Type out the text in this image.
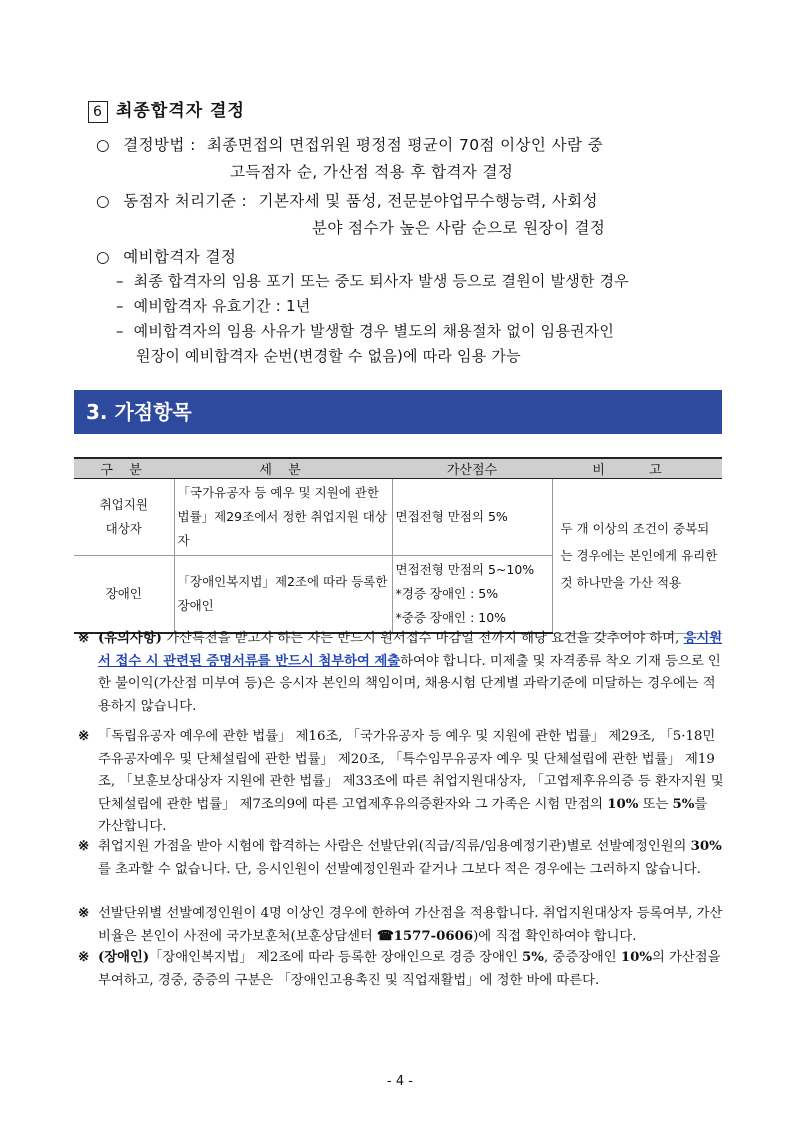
6 최종합격자 결정
○ 결정방법 : 최종면접의 면접위원 평정점 평균이 70점 이상인 사람 중
고득점자 순, 가산점 적용 후 합격자 결정
○ 동점자 처리기준 : 기본자세 및 품성, 전문분야업무수행능력, 사회성
분야 점수가 높은 사람 순으로 원장이 결정
○ 예비합격자 결정
–  최종 합격자의 임용 포기 또는 중도 퇴사자 발생 등으로 결원이 발생한 경우
–  예비합격자 유효기간 : 1년
–  예비합격자의 임용 사유가 발생할 경우 별도의 채용절차 없이 임용권자인
원장이 예비합격자 순번(변경할 수 없음)에 따라 임용 가능
3. 가점항목
구 분	세 분	가산점수	비 고
취업지원
대상자	「국가유공자 등 예우 및 지원에 관한 법률」제29조에서 정한 취업지원 대상자	면접전형 만점의 5%	두 개 이상의 조건이 중복되는 경우에는 본인에게 유리한 것 하나만을 가산 적용
장애인	「장애인복지법」제2조에 따라 등록한 장애인	면접전형 만점의 5~10%
*경증 장애인 : 5%
*중증 장애인 : 10%	
※ (유의사항) 가산특전을 받고자 하는 자는 반드시 원서접수 마감일 전까지 해당 요건을 갖추어야 하며, 응시원서 접수 시 관련된 증명서류를 반드시 첨부하여 제출하여야 합니다. 미제출 및 자격종류 착오 기재 등으로 인한 불이익(가산점 미부여 등)은 응시자 본인의 책임이며, 채용시험 단계별 과락기준에 미달하는 경우에는 적용하지 않습니다.
※ 「독립유공자 예우에 관한 법률」 제16조, 「국가유공자 등 예우 및 지원에 관한 법률」 제29조, 「5·18민주유공자예우 및 단체설립에 관한 법률」 제20조, 「특수임무유공자 예우 및 단체설립에 관한 법률」 제19조, 「보훈보상대상자 지원에 관한 법률」 제33조에 따른 취업지원대상자, 「고엽제후유의증 등 환자지원 및 단체설립에 관한 법률」 제7조의9에 따른 고엽제후유의증환자와 그 가족은 시험 만점의 10% 또는 5%를 가산합니다.
※ 취업지원 가점을 받아 시험에 합격하는 사람은 선발단위(직급/직류/임용예정기관)별로 선발예정인원의 30%를 초과할 수 없습니다. 단, 응시인원이 선발예정인원과 같거나 그보다 적은 경우에는 그러하지 않습니다.
※ 선발단위별 선발예정인원이 4명 이상인 경우에 한하여 가산점을 적용합니다. 취업지원대상자 등록여부, 가산비율은 본인이 사전에 국가보훈처(보훈상담센터 ☎1577-0606)에 직접 확인하여야 합니다.
※ (장애인)「장애인복지법」 제2조에 따라 등록한 장애인으로 경증 장애인 5%, 중증장애인 10%의 가산점을 부여하고, 경중, 중증의 구분은 「장애인고용촉진 및 직업재활법」에 정한 바에 따른다.
- 4 -
